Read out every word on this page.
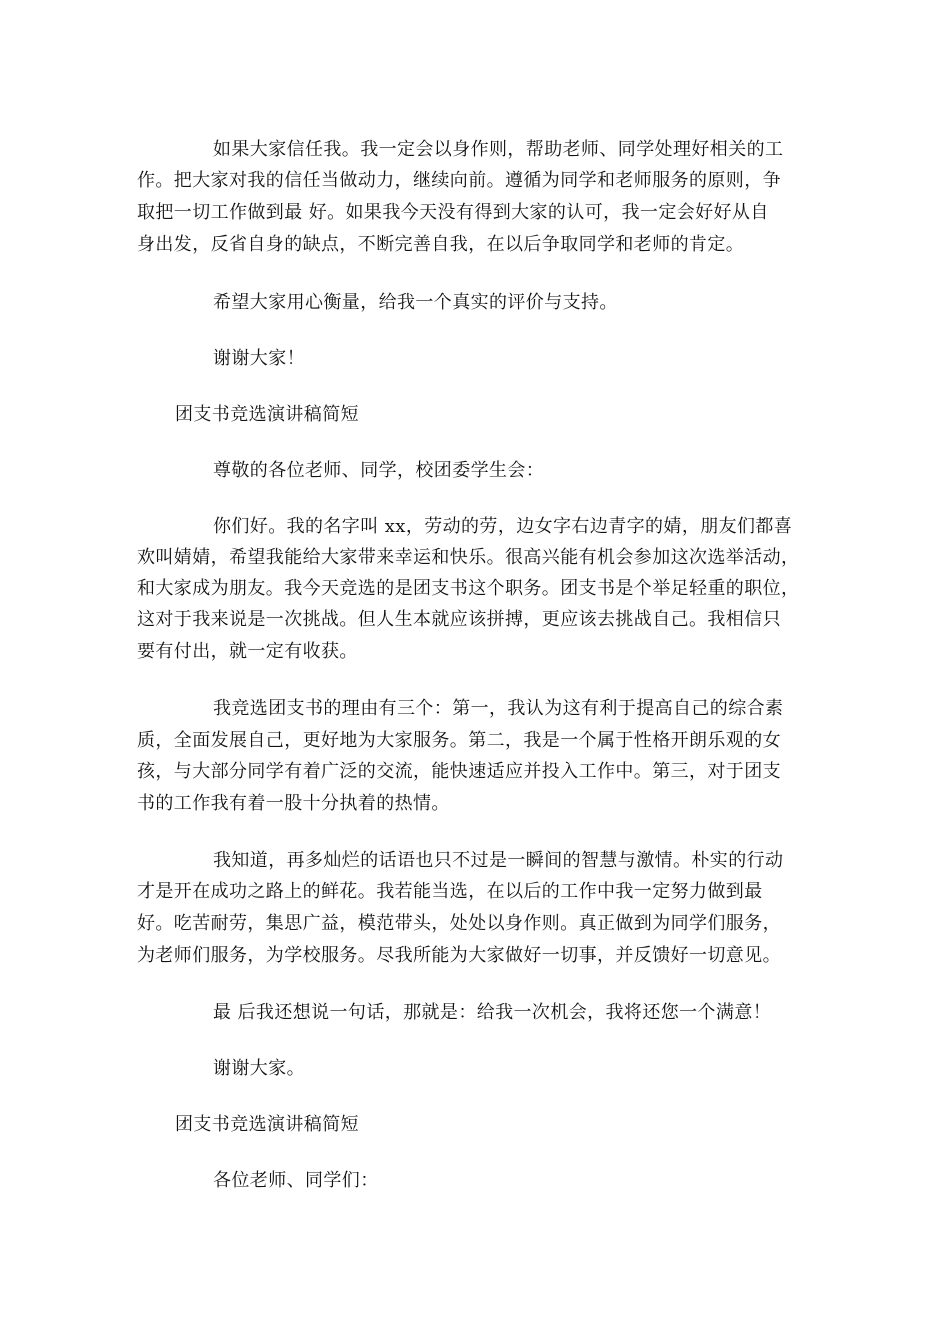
如果大家信任我。我一定会以身作则，帮助老师、同学处理好相关的工
作。把大家对我的信任当做动力，继续向前。遵循为同学和老师服务的原则，争
取把一切工作做到最 好。如果我今天没有得到大家的认可，我一定会好好从自
身出发，反省自身的缺点，不断完善自我，在以后争取同学和老师的肯定。
希望大家用心衡量，给我一个真实的评价与支持。
谢谢大家！
团支书竞选演讲稿简短
尊敬的各位老师、同学，校团委学生会：
你们好。我的名字叫 xx，劳动的劳，边女字右边青字的婧，朋友们都喜
欢叫婧婧，希望我能给大家带来幸运和快乐。很高兴能有机会参加这次选举活动，
和大家成为朋友。我今天竞选的是团支书这个职务。团支书是个举足轻重的职位，
这对于我来说是一次挑战。但人生本就应该拼搏，更应该去挑战自己。我相信只
要有付出，就一定有收获。
我竞选团支书的理由有三个：第一，我认为这有利于提高自己的综合素
质，全面发展自己，更好地为大家服务。第二，我是一个属于性格开朗乐观的女
孩，与大部分同学有着广泛的交流，能快速适应并投入工作中。第三，对于团支
书的工作我有着一股十分执着的热情。
我知道，再多灿烂的话语也只不过是一瞬间的智慧与激情。朴实的行动
才是开在成功之路上的鲜花。我若能当选，在以后的工作中我一定努力做到最
好。吃苦耐劳，集思广益，模范带头，处处以身作则。真正做到为同学们服务，
为老师们服务，为学校服务。尽我所能为大家做好一切事，并反馈好一切意见。
最 后我还想说一句话，那就是：给我一次机会，我将还您一个满意！
谢谢大家。
团支书竞选演讲稿简短
各位老师、同学们：
